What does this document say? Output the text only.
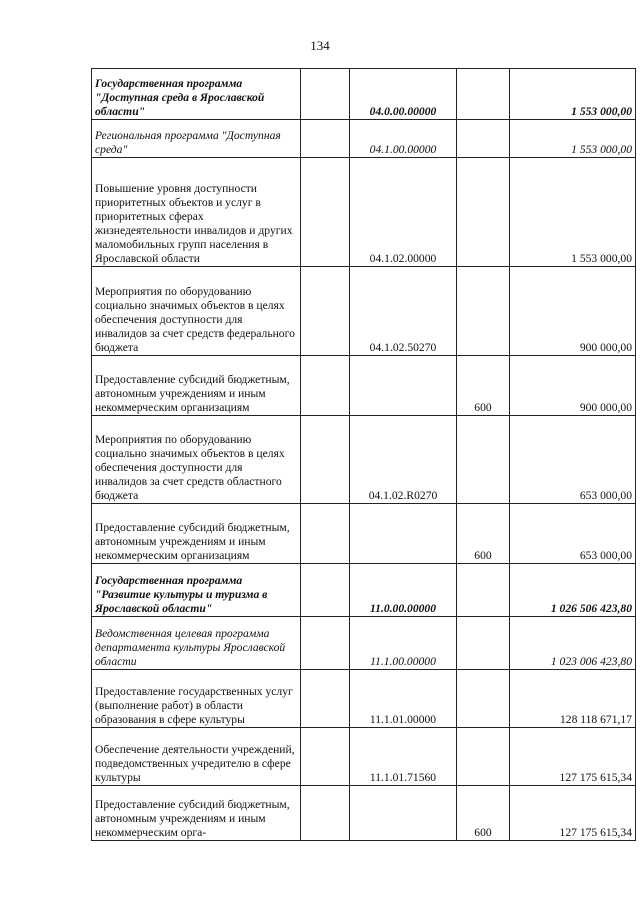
134
Государственная программа "Доступная среда в Ярославской области"		04.0.00.00000		1 553 000,00
Региональная программа "Доступная среда"		04.1.00.00000		1 553 000,00
Повышение уровня доступности приоритетных объектов и услуг в приоритетных сферах жизнедеятельности инвалидов и других маломобильных групп населения в Ярославской области		04.1.02.00000		1 553 000,00
Мероприятия по оборудованию социально значимых объектов в целях обеспечения доступности для инвалидов за счет средств федерального бюджета		04.1.02.50270		900 000,00
Предоставление субсидий бюджетным, автономным учреждениям и иным некоммерческим организациям			600	900 000,00
Мероприятия по оборудованию социально значимых объектов в целях обеспечения доступности для инвалидов за счет средств областного бюджета		04.1.02.R0270		653 000,00
Предоставление субсидий бюджетным, автономным учреждениям и иным некоммерческим организациям			600	653 000,00
Государственная программа "Развитие культуры и туризма в Ярославской области"		11.0.00.00000		1 026 506 423,80
Ведомственная целевая программа департамента культуры Ярославской области		11.1.00.00000		1 023 006 423,80
Предоставление государственных услуг (выполнение работ) в области образования в сфере культуры		11.1.01.00000		128 118 671,17
Обеспечение деятельности учреждений, подведомственных учредителю в сфере культуры		11.1.01.71560		127 175 615,34
Предоставление субсидий бюджетным, автономным учреждениям и иным некоммерческим орга-			600	127 175 615,34
